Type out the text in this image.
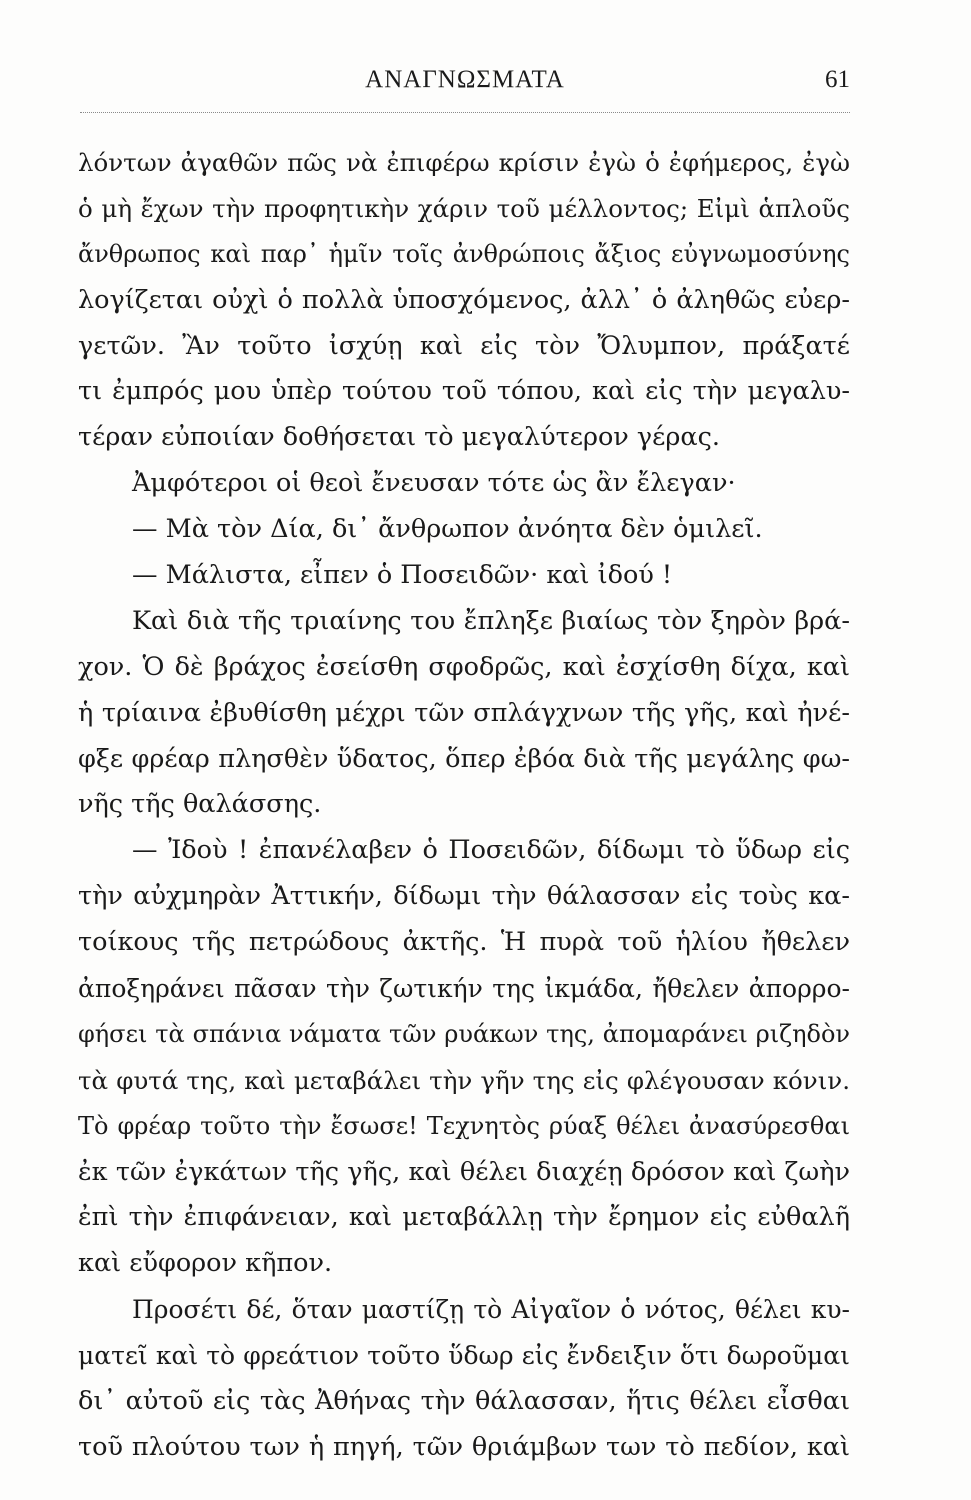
ΑΝΑΓΝΩΣΜΑΤΑ	61
λόντων ἀγαθῶν πῶς νὰ ἐπιφέρω κρίσιν ἐγὼ ὁ ἐφήμερος, ἐγὼ
ὁ μὴ ἔχων τὴν προφητικὴν χάριν τοῦ μέλλοντος; Εἰμὶ ἁπλοῦς
ἄνθρωπος καὶ παρ᾽ ἡμῖν τοῖς ἀνθρώποις ἄξιος εὐγνωμοσύνης
λογίζεται οὐχὶ ὁ πολλὰ ὑποσχόμενος, ἀλλ᾽ ὁ ἀληθῶς εὐερ-
γετῶν. Ἂν τοῦτο ἰσχύῃ καὶ εἰς τὸν Ὄλυμπον, πράξατέ
τι ἐμπρός μου ὑπὲρ τούτου τοῦ τόπου, καὶ εἰς τὴν μεγαλυ-
τέραν εὐποιίαν δοθήσεται τὸ μεγαλύτερον γέρας.
Ἀμφότεροι οἱ θεοὶ ἔνευσαν τότε ὡς ἂν ἔλεγαν·
— Μὰ τὸν Δία, δι᾽ ἄνθρωπον ἀνόητα δὲν ὁμιλεῖ.
— Μάλιστα, εἶπεν ὁ Ποσειδῶν· καὶ ἰδού !
Καὶ διὰ τῆς τριαίνης του ἔπληξε βιαίως τὸν ξηρὸν βρά-
χον. Ὁ δὲ βράχος ἐσείσθη σφοδρῶς, καὶ ἐσχίσθη δίχα, καὶ
ἡ τρίαινα ἐβυθίσθη μέχρι τῶν σπλάγχνων τῆς γῆς, καὶ ἠνέ-
φξε φρέαρ πλησθὲν ὕδατος, ὅπερ ἐβόα διὰ τῆς μεγάλης φω-
νῆς τῆς θαλάσσης.
— Ἰδοὺ ! ἐπανέλαβεν ὁ Ποσειδῶν, δίδωμι τὸ ὕδωρ εἰς
τὴν αὐχμηρὰν Ἀττικήν, δίδωμι τὴν θάλασσαν εἰς τοὺς κα-
τοίκους τῆς πετρώδους ἀκτῆς. Ἡ πυρὰ τοῦ ἡλίου ἤθελεν
ἀποξηράνει πᾶσαν τὴν ζωτικήν της ἰκμάδα, ἤθελεν ἀπορρο-
φήσει τὰ σπάνια νάματα τῶν ρυάκων της, ἀπομαράνει ριζηδὸν
τὰ φυτά της, καὶ μεταβάλει τὴν γῆν της εἰς φλέγουσαν κόνιν.
Τὸ φρέαρ τοῦτο τὴν ἔσωσε! Τεχνητὸς ρύαξ θέλει ἀνασύρεσθαι
ἐκ τῶν ἐγκάτων τῆς γῆς, καὶ θέλει διαχέῃ δρόσον καὶ ζωὴν
ἐπὶ τὴν ἐπιφάνειαν, καὶ μεταβάλλῃ τὴν ἔρημον εἰς εὐθαλῆ
καὶ εὔφορον κῆπον.
Προσέτι δέ, ὅταν μαστίζῃ τὸ Αἰγαῖον ὁ νότος, θέλει κυ-
ματεῖ καὶ τὸ φρεάτιον τοῦτο ὕδωρ εἰς ἔνδειξιν ὅτι δωροῦμαι
δι᾽ αὐτοῦ εἰς τὰς Ἀθήνας τὴν θάλασσαν, ἥτις θέλει εἶσθαι
τοῦ πλούτου των ἡ πηγή, τῶν θριάμβων των τὸ πεδίον, καὶ
